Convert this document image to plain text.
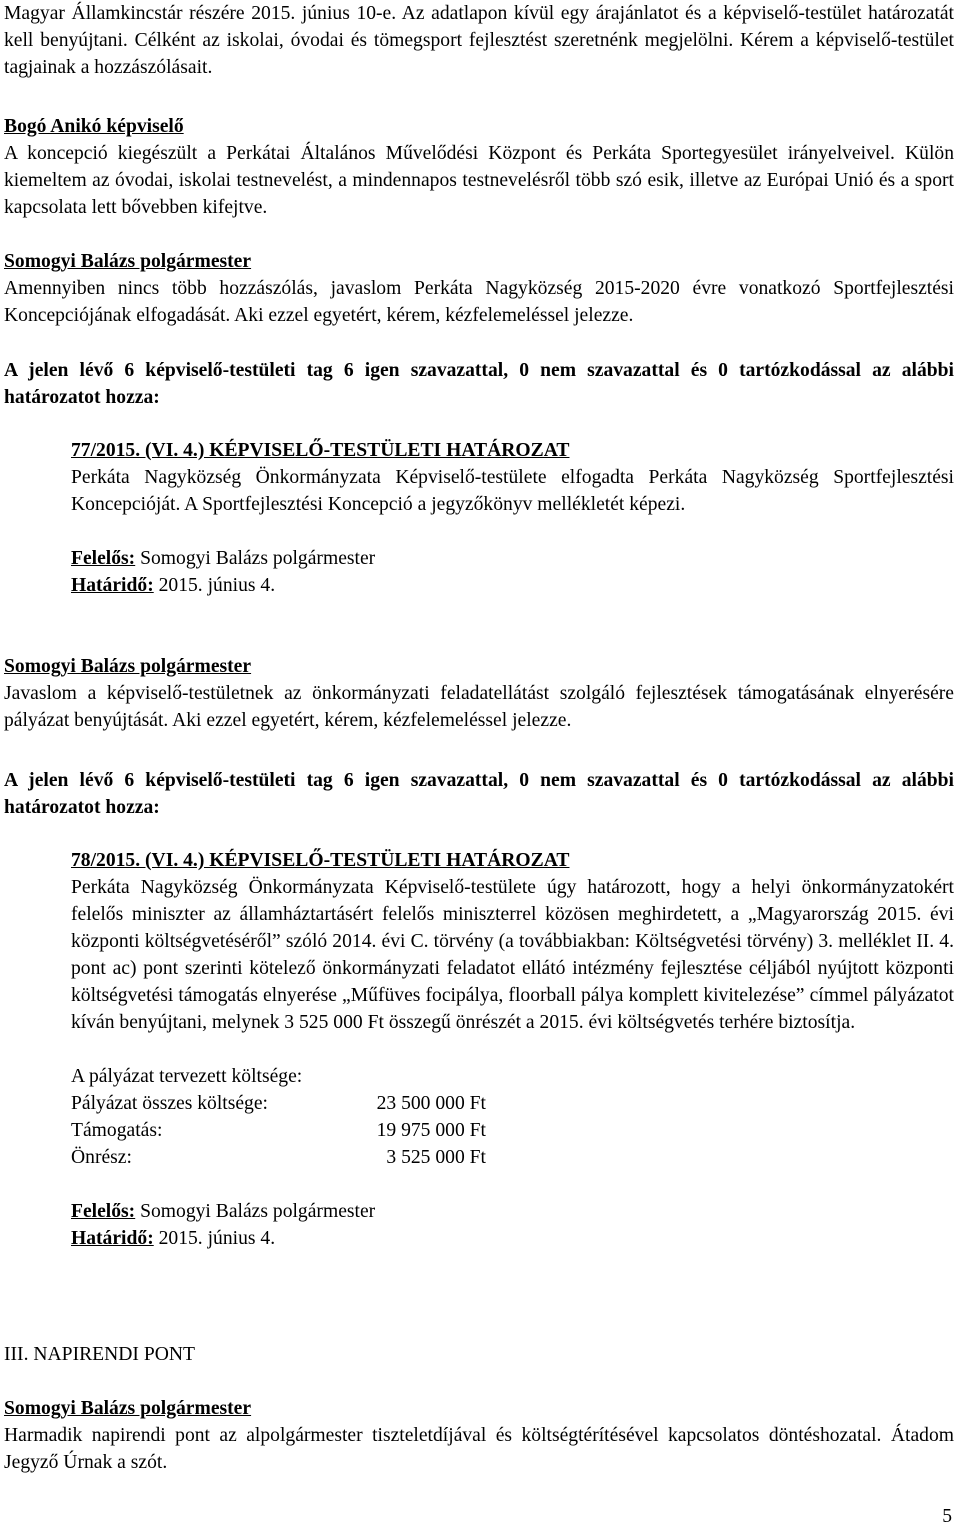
Magyar Államkincstár részére 2015. június 10-e. Az adatlapon kívül egy árajánlatot és a képviselő-testület határozatát kell benyújtani. Célként az iskolai, óvodai és tömegsport fejlesztést szeretnénk megjelölni. Kérem a képviselő-testület tagjainak a hozzászólásait.

Bogó Anikó képviselő

A koncepció kiegészült a Perkátai Általános Művelődési Központ és Perkáta Sportegyesület irányelveivel. Külön kiemeltem az óvodai, iskolai testnevelést, a mindennapos testnevelésről több szó esik, illetve az Európai Unió és a sport kapcsolata lett bővebben kifejtve.

Somogyi Balázs polgármester

Amennyiben nincs több hozzászólás, javaslom Perkáta Nagyközség 2015-2020 évre vonatkozó Sportfejlesztési Koncepciójának elfogadását. Aki ezzel egyetért, kérem, kézfelemeléssel jelezze.

A jelen lévő 6 képviselő-testületi tag 6 igen szavazattal, 0 nem szavazattal és 0 tartózkodással az alábbi határozatot hozza:

77/2015. (VI. 4.) KÉPVISELŐ-TESTÜLETI HATÁROZAT

Perkáta Nagyközség Önkormányzata Képviselő-testülete elfogadta Perkáta Nagyközség Sportfejlesztési Koncepcióját. A Sportfejlesztési Koncepció a jegyzőkönyv mellékletét képezi.

Felelős: Somogyi Balázs polgármester

Határidő: 2015. június 4.

Somogyi Balázs polgármester

Javaslom a képviselő-testületnek az önkormányzati feladatellátást szolgáló fejlesztések támogatásának elnyerésére pályázat benyújtását. Aki ezzel egyetért, kérem, kézfelemeléssel jelezze.

A jelen lévő 6 képviselő-testületi tag 6 igen szavazattal, 0 nem szavazattal és 0 tartózkodással az alábbi határozatot hozza:

78/2015. (VI. 4.) KÉPVISELŐ-TESTÜLETI HATÁROZAT

Perkáta Nagyközség Önkormányzata Képviselő-testülete úgy határozott, hogy a helyi önkormányzatokért felelős miniszter az államháztartásért felelős miniszterrel közösen meghirdetett, a „Magyarország 2015. évi központi költségvetéséről” szóló 2014. évi C. törvény (a továbbiakban: Költségvetési törvény) 3. melléklet II. 4. pont ac) pont szerinti kötelező önkormányzati feladatot ellátó intézmény fejlesztése céljából nyújtott központi költségvetési támogatás elnyerése „Műfüves focipálya, floorball pálya komplett kivitelezése” címmel pályázatot kíván benyújtani, melynek 3 525 000 Ft összegű önrészét a 2015. évi költségvetés terhére biztosítja.

A pályázat tervezett költsége:

Pályázat összes költsége:	23 500 000 Ft
Támogatás:	19 975 000 Ft
Önrész:	3 525 000 Ft

Felelős: Somogyi Balázs polgármester

Határidő: 2015. június 4.

III. NAPIRENDI PONT

Somogyi Balázs polgármester

Harmadik napirendi pont az alpolgármester tiszteletdíjával és költségtérítésével kapcsolatos döntéshozatal. Átadom Jegyző Úrnak a szót.

5
